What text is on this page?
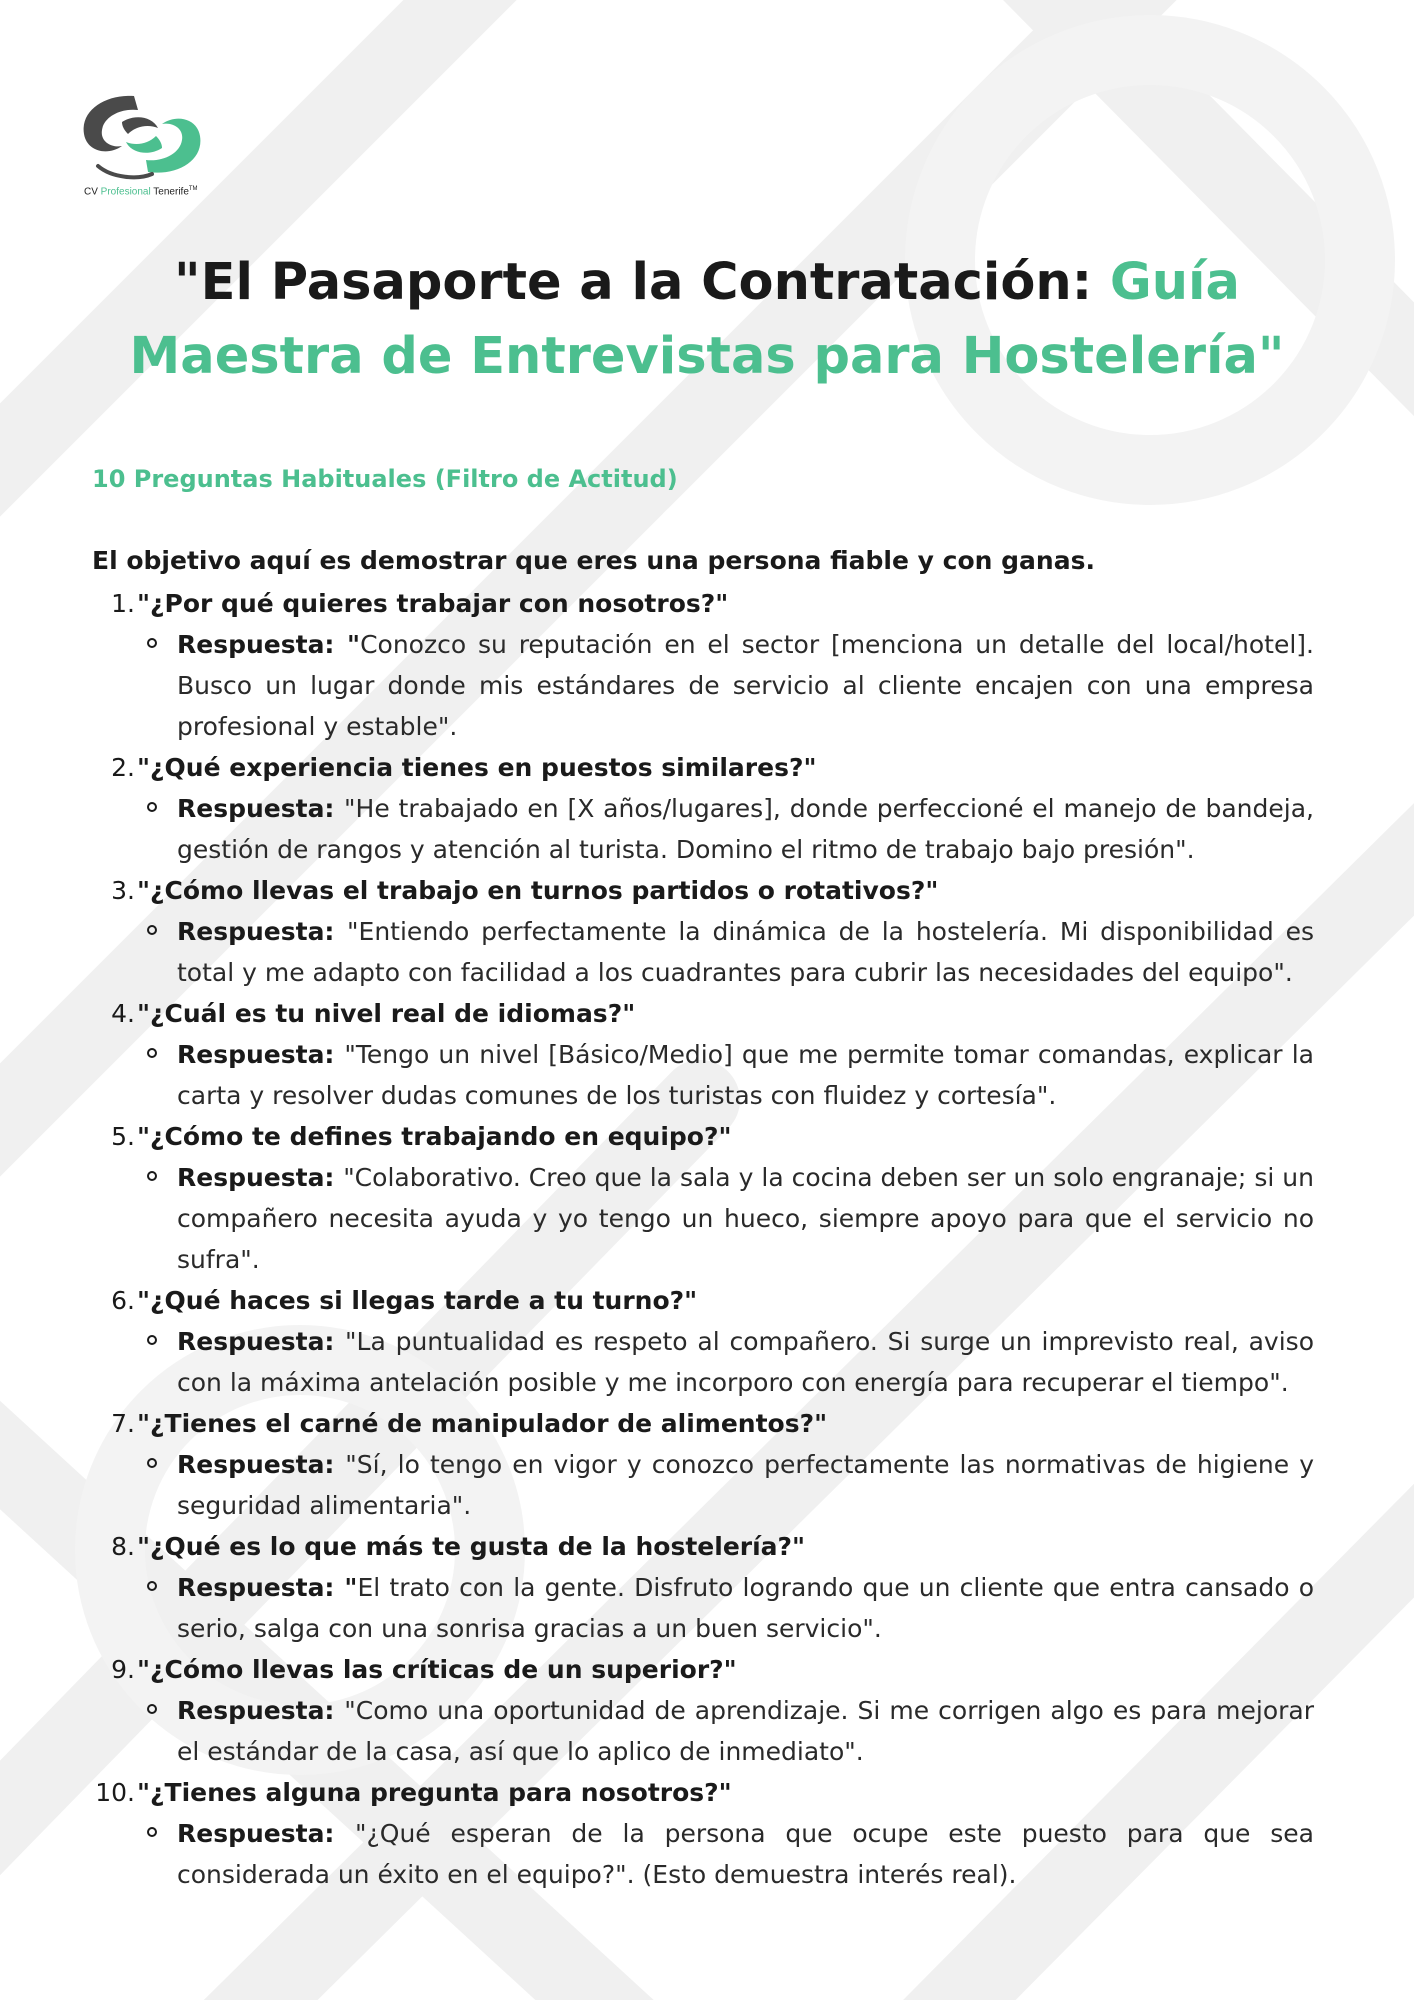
CV Profesional Tenerife™
"El Pasaporte a la Contratación: Guía Maestra de Entrevistas para Hostelería"
10 Preguntas Habituales (Filtro de Actitud)

El objetivo aquí es demostrar que eres una persona fiable y con ganas.

1. "¿Por qué quieres trabajar con nosotros?"

Respuesta: "Conozco su reputación en el sector [menciona un detalle del local/hotel]. Busco un lugar donde mis estándares de servicio al cliente encajen con una empresa profesional y estable".

2. "¿Qué experiencia tienes en puestos similares?"

Respuesta: "He trabajado en [X años/lugares], donde perfeccioné el manejo de bandeja, gestión de rangos y atención al turista. Domino el ritmo de trabajo bajo presión".

3. "¿Cómo llevas el trabajo en turnos partidos o rotativos?"

Respuesta: "Entiendo perfectamente la dinámica de la hostelería. Mi disponibilidad es total y me adapto con facilidad a los cuadrantes para cubrir las necesidades del equipo".

4. "¿Cuál es tu nivel real de idiomas?"

Respuesta: "Tengo un nivel [Básico/Medio] que me permite tomar comandas, explicar la carta y resolver dudas comunes de los turistas con fluidez y cortesía".

5. "¿Cómo te defines trabajando en equipo?"

Respuesta: "Colaborativo. Creo que la sala y la cocina deben ser un solo engranaje; si un compañero necesita ayuda y yo tengo un hueco, siempre apoyo para que el servicio no sufra".

6. "¿Qué haces si llegas tarde a tu turno?"

Respuesta: "La puntualidad es respeto al compañero. Si surge un imprevisto real, aviso con la máxima antelación posible y me incorporo con energía para recuperar el tiempo".

7. "¿Tienes el carné de manipulador de alimentos?"

Respuesta: "Sí, lo tengo en vigor y conozco perfectamente las normativas de higiene y seguridad alimentaria".

8. "¿Qué es lo que más te gusta de la hostelería?"

Respuesta: "El trato con la gente. Disfruto logrando que un cliente que entra cansado o serio, salga con una sonrisa gracias a un buen servicio".

9. "¿Cómo llevas las críticas de un superior?"

Respuesta: "Como una oportunidad de aprendizaje. Si me corrigen algo es para mejorar el estándar de la casa, así que lo aplico de inmediato".

10. "¿Tienes alguna pregunta para nosotros?"

Respuesta: "¿Qué esperan de la persona que ocupe este puesto para que sea considerada un éxito en el equipo?". (Esto demuestra interés real).
